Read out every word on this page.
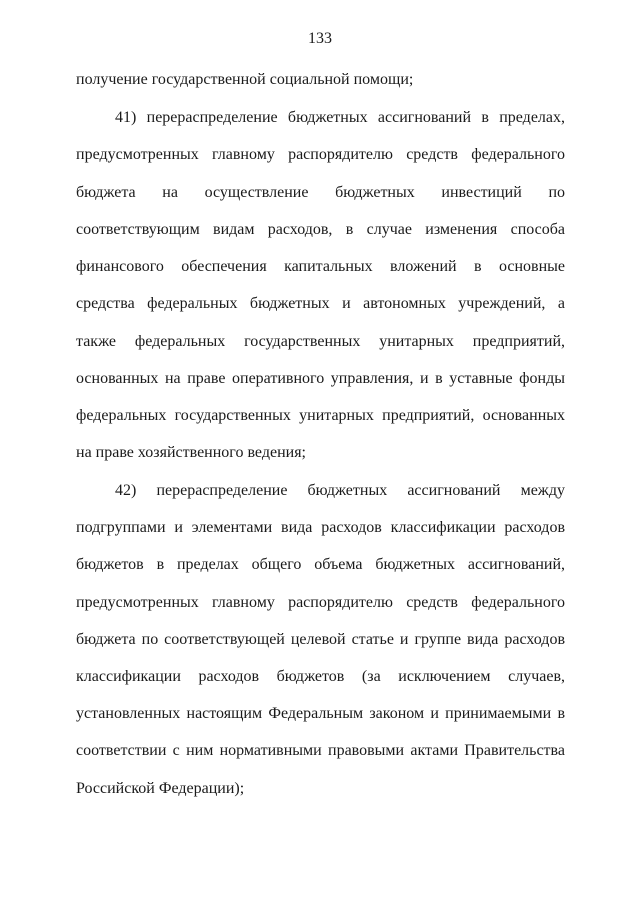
133
получение государственной социальной помощи;
41) перераспределение бюджетных ассигнований в пределах,
предусмотренных главному распорядителю средств федерального
бюджета на осуществление бюджетных инвестиций по
соответствующим видам расходов, в случае изменения способа
финансового обеспечения капитальных вложений в основные
средства федеральных бюджетных и автономных учреждений, а
также федеральных государственных унитарных предприятий,
основанных на праве оперативного управления, и в уставные фонды
федеральных государственных унитарных предприятий, основанных
на праве хозяйственного ведения;
42) перераспределение бюджетных ассигнований между
подгруппами и элементами вида расходов классификации расходов
бюджетов в пределах общего объема бюджетных ассигнований,
предусмотренных главному распорядителю средств федерального
бюджета по соответствующей целевой статье и группе вида расходов
классификации расходов бюджетов (за исключением случаев,
установленных настоящим Федеральным законом и принимаемыми в
соответствии с ним нормативными правовыми актами Правительства
Российской Федерации);
